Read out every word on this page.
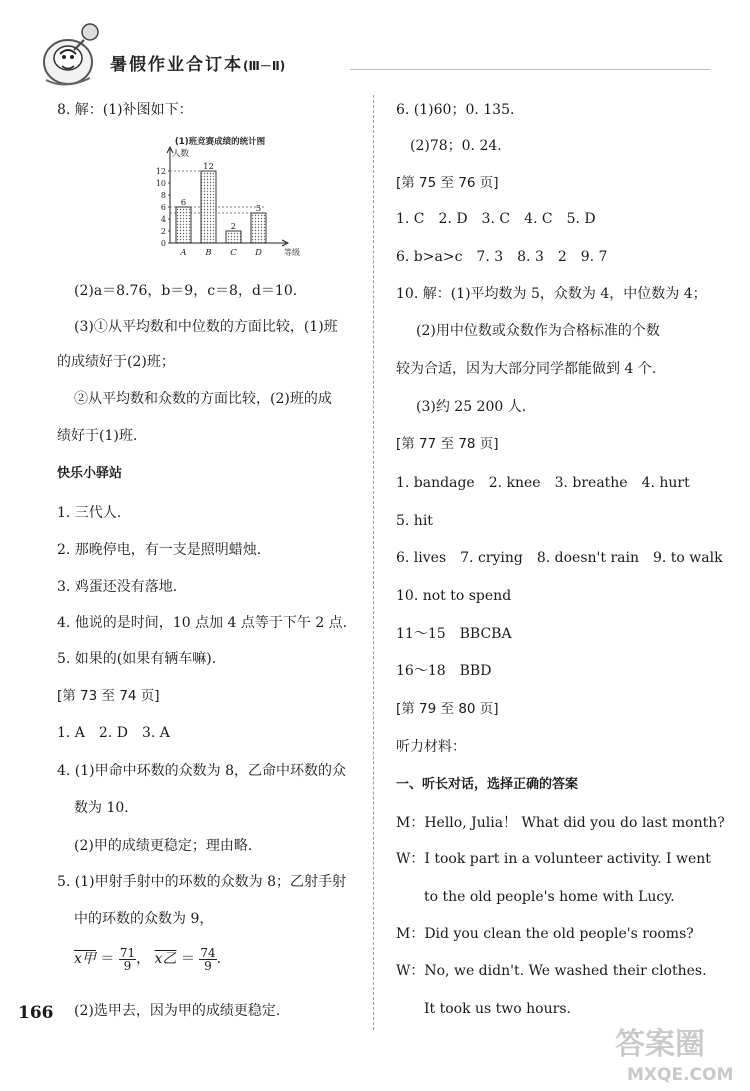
暑假作业合订本(Ⅲ－Ⅱ)
8. 解：(1)补图如下：
(1)班竞赛成绩的统计图
人数
等级
0
2
4
6
8
10
12
6
A
12
B
2
C
5
D
(2)a＝8.76，b＝9，c＝8，d＝10.
(3)①从平均数和中位数的方面比较，(1)班
的成绩好于(2)班；
②从平均数和众数的方面比较，(2)班的成
绩好于(1)班.
快乐小驿站
1. 三代人.
2. 那晚停电，有一支是照明蜡烛.
3. 鸡蛋还没有落地.
4. 他说的是时间，10 点加 4 点等于下午 2 点.
5. 如果的(如果有辆车嘛).
[第 73 至 74 页]
1. A　2. D　3. A
4. (1)甲命中环数的众数为 8，乙命中环数的众
数为 10.
(2)甲的成绩更稳定；理由略.
5. (1)甲射手射中的环数的众数为 8；乙射手射
中的环数的众数为 9，
x甲 ＝ $\frac{71}{9}$ ， x乙 ＝ $\frac{74}{9}$ .
(2)选甲去，因为甲的成绩更稳定.
166
6. (1)60；0. 135.
(2)78；0. 24.
[第 75 至 76 页]
1. C　2. D　3. C　4. C　5. D
6. b>a>c　7. 3　8. 3　2　9. 7
10. 解：(1)平均数为 5，众数为 4，中位数为 4；
(2)用中位数或众数作为合格标准的个数
较为合适，因为大部分同学都能做到 4 个.
(3)约 25 200 人.
[第 77 至 78 页]
1. bandage　2. knee　3. breathe　4. hurt
5. hit
6. lives　7. crying　8. doesn't rain　9. to walk
10. not to spend
11～15　BBCBA
16～18　BBD
[第 79 至 80 页]
听力材料：
一、听长对话，选择正确的答案
M：Hello, Julia！ What did you do last month?
W：I took part in a volunteer activity. I went
to the old people's home with Lucy.
M：Did you clean the old people's rooms?
W：No, we didn't. We washed their clothes.
It took us two hours.
答案圈
MXQE.COM
